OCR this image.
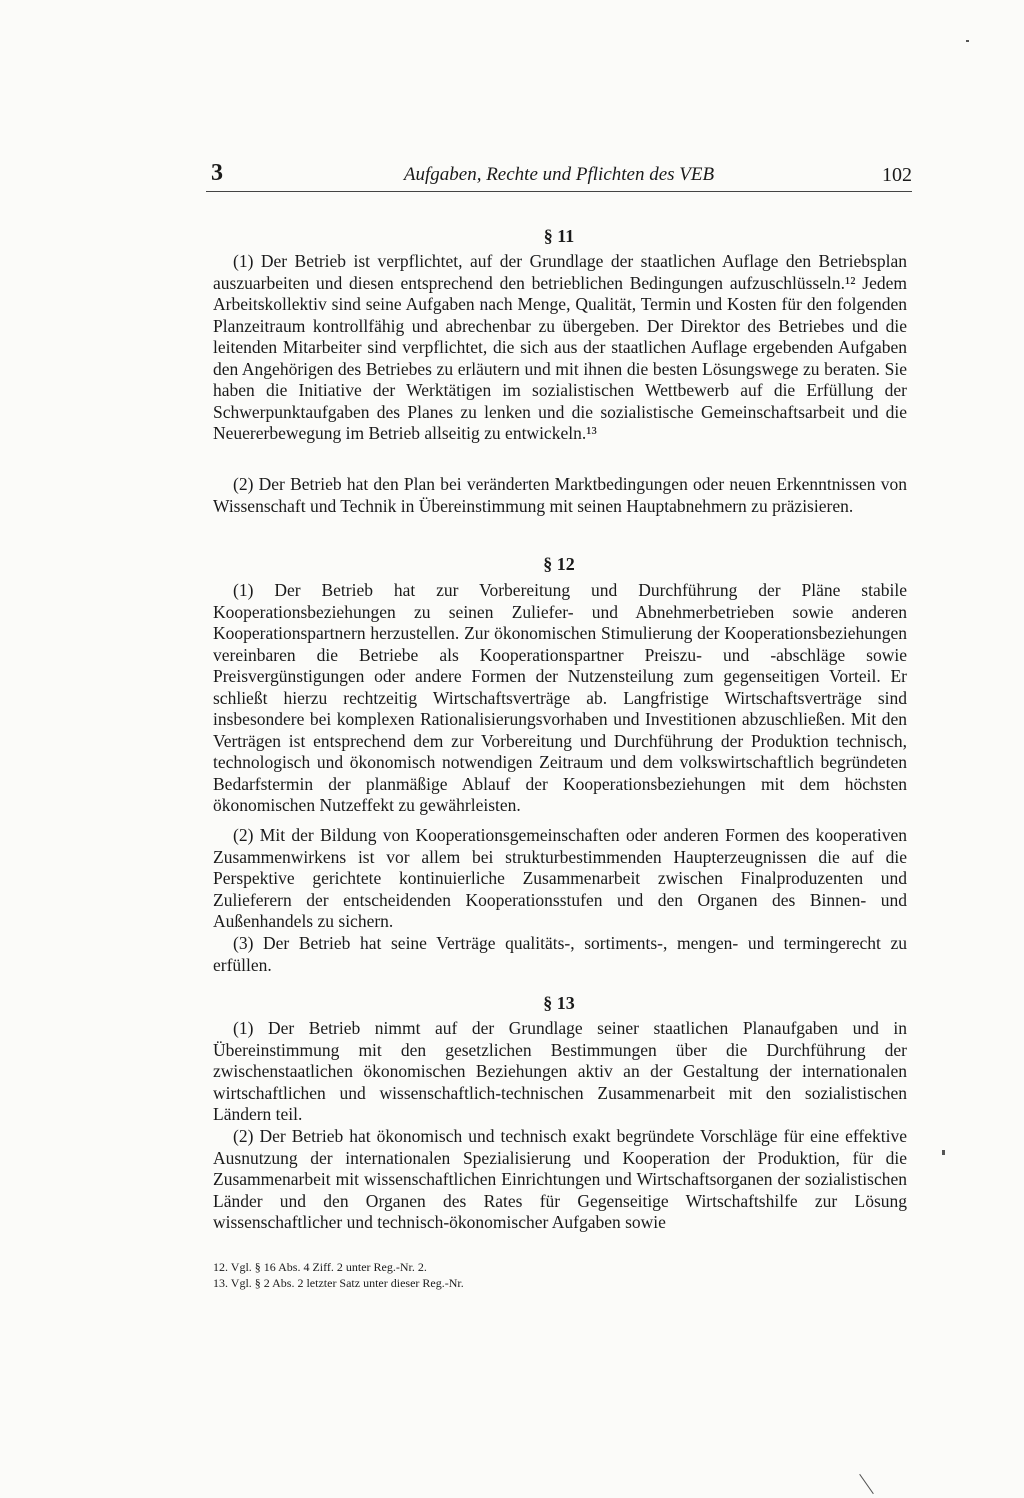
3	Aufgaben, Rechte und Pflichten des VEB	102
§ 11

(1) Der Betrieb ist verpflichtet, auf der Grundlage der staatlichen Auflage den Betriebsplan auszuarbeiten und diesen entsprechend den betrieblichen Bedingungen aufzuschlüsseln.¹² Jedem Arbeitskollektiv sind seine Aufgaben nach Menge, Qualität, Termin und Kosten für den folgenden Planzeitraum kontrollfähig und abrechenbar zu übergeben. Der Direktor des Betriebes und die leitenden Mitarbeiter sind verpflichtet, die sich aus der staatlichen Auflage ergebenden Aufgaben den Angehörigen des Betriebes zu erläutern und mit ihnen die besten Lösungswege zu beraten. Sie haben die Initiative der Werktätigen im sozialistischen Wettbewerb auf die Erfüllung der Schwerpunktaufgaben des Planes zu lenken und die sozialistische Gemeinschaftsarbeit und die Neuererbewegung im Betrieb allseitig zu entwickeln.¹³

(2) Der Betrieb hat den Plan bei veränderten Marktbedingungen oder neuen Erkenntnissen von Wissenschaft und Technik in Übereinstimmung mit seinen Hauptabnehmern zu präzisieren.

§ 12

(1) Der Betrieb hat zur Vorbereitung und Durchführung der Pläne stabile Kooperationsbeziehungen zu seinen Zuliefer- und Abnehmerbetrieben sowie anderen Kooperationspartnern herzustellen. Zur ökonomischen Stimulierung der Kooperationsbeziehungen vereinbaren die Betriebe als Kooperationspartner Preiszu- und -abschläge sowie Preisvergünstigungen oder andere Formen der Nutzensteilung zum gegenseitigen Vorteil. Er schließt hierzu rechtzeitig Wirtschaftsverträge ab. Langfristige Wirtschaftsverträge sind insbesondere bei komplexen Rationalisierungsvorhaben und Investitionen abzuschließen. Mit den Verträgen ist entsprechend dem zur Vorbereitung und Durchführung der Produktion technisch, technologisch und ökonomisch notwendigen Zeitraum und dem volkswirtschaftlich begründeten Bedarfstermin der planmäßige Ablauf der Kooperationsbeziehungen mit dem höchsten ökonomischen Nutzeffekt zu gewährleisten.

(2) Mit der Bildung von Kooperationsgemeinschaften oder anderen Formen des kooperativen Zusammenwirkens ist vor allem bei strukturbestimmenden Haupterzeugnissen die auf die Perspektive gerichtete kontinuierliche Zusammenarbeit zwischen Finalproduzenten und Zulieferern der entscheidenden Kooperationsstufen und den Organen des Binnen- und Außenhandels zu sichern.

(3) Der Betrieb hat seine Verträge qualitäts-, sortiments-, mengen- und termingerecht zu erfüllen.

§ 13

(1) Der Betrieb nimmt auf der Grundlage seiner staatlichen Planaufgaben und in Übereinstimmung mit den gesetzlichen Bestimmungen über die Durchführung der zwischenstaatlichen ökonomischen Beziehungen aktiv an der Gestaltung der internationalen wirtschaftlichen und wissenschaftlich-technischen Zusammenarbeit mit den sozialistischen Ländern teil.

(2) Der Betrieb hat ökonomisch und technisch exakt begründete Vorschläge für eine effektive Ausnutzung der internationalen Spezialisierung und Kooperation der Produktion, für die Zusammenarbeit mit wissenschaftlichen Einrichtungen und Wirtschaftsorganen der sozialistischen Länder und den Organen des Rates für Gegenseitige Wirtschaftshilfe zur Lösung wissenschaftlicher und technisch-ökonomischer Aufgaben sowie

12. Vgl. § 16 Abs. 4 Ziff. 2 unter Reg.-Nr. 2.
13. Vgl. § 2 Abs. 2 letzter Satz unter dieser Reg.-Nr.
